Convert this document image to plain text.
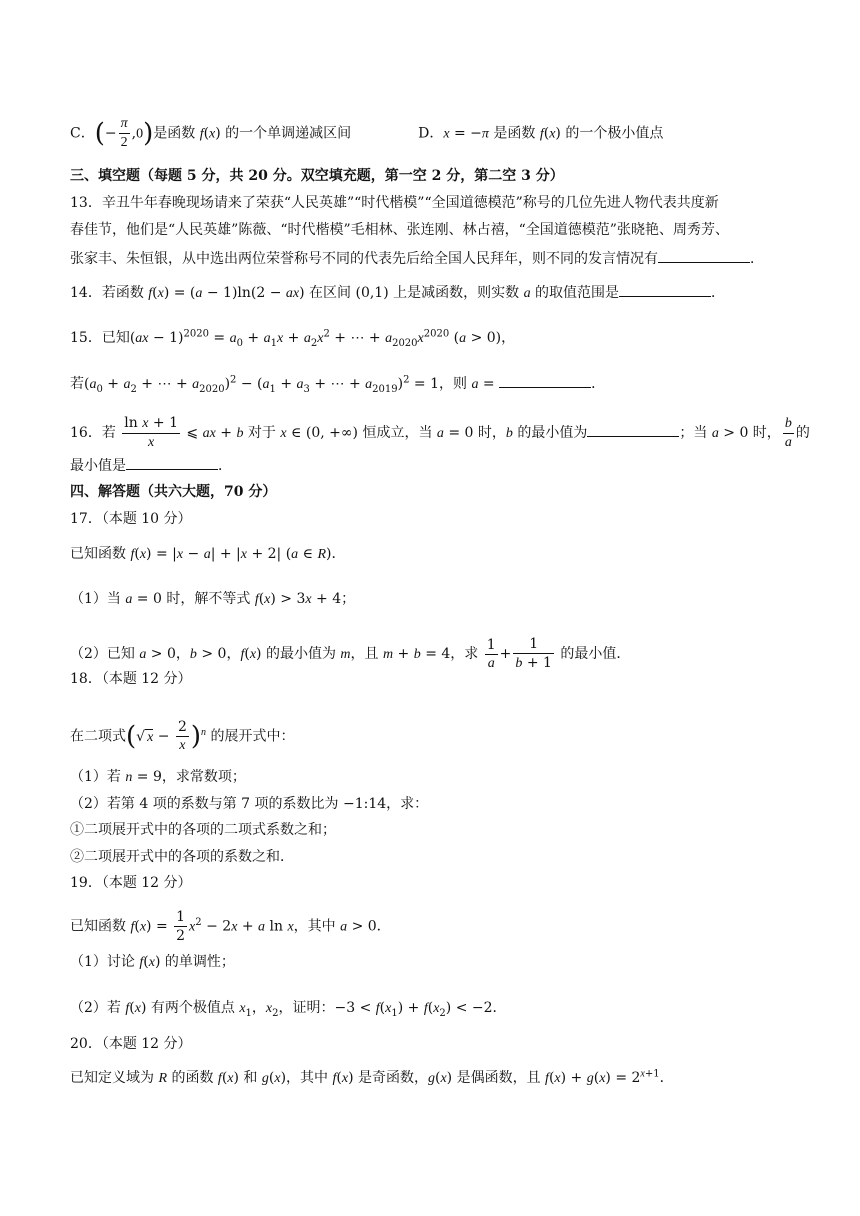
C．(− $\frac{\pi}{2} ,0$)是函数 f(x) 的一个单调递减区间	D．x = −π 是函数 f(x) 的一个极小值点
三、填空题（每题 5 分，共 20 分。双空填充题，第一空 2 分，第二空 3 分）
13．辛丑牛年春晚现场请来了荣获“人民英雄”“时代楷模”“全国道德模范”称号的几位先进人物代表共度新
春佳节，他们是“人民英雄”陈薇、“时代楷模”毛相林、张连刚、林占禧，“全国道德模范”张晓艳、周秀芳、
张家丰、朱恒银，从中选出两位荣誉称号不同的代表先后给全国人民拜年，则不同的发言情况有	．
14．若函数 f(x) = (a − 1)ln(2 − ax) 在区间 (0,1) 上是减函数，则实数 a 的取值范围是	．
15．已知$(ax - 1)^{2020} = a_0 + a_1x + a_2x^2$ + ⋯ + $a_{2020}x^{2020}$ (a > 0)，
若($a_0 + a_2$ + ⋯ + $a_{2020})^2 - (a_1 + a_3$ + ⋯ + $a_{2019})^2 = 1$，则 a =	．
16．若 $\frac{\text{ln x + 1}}{x}$ ⩽ ax + b 对于 x ∈ (0, +∞) 恒成立，当 a = 0 时，b 的最小值为	；当 a > 0 时， $\frac{b}{a}$ 的
最小值是	．
四、解答题（共六大题，70 分）
17．（本题 10 分）
已知函数 f(x) = |x − a| + |x + 2| (a ∈ R)．
（1）当 a = 0 时，解不等式 f(x) > 3x + 4；
（2）已知 a > 0，b > 0，f(x) 的最小值为 m，且 m + b = 4，求 $\frac{1}{a} + \frac{1}{b + 1}$ 的最小值．
18．（本题 12 分）
在二项式(√ $x - \frac{2}{x} )^n$ 的展开式中：
（1）若 n = 9，求常数项；
（2）若第 4 项的系数与第 7 项的系数比为 −1:14，求：
①二项展开式中的各项的二项式系数之和；
②二项展开式中的各项的系数之和．
19．（本题 12 分）
已知函数 $f(x) = \frac{1}{2} x^2 - 2x + a$ ln x，其中 a > 0．
（1）讨论 f(x) 的单调性；
（2）若 f(x) 有两个极值点 $x_1$，$x_2$，证明：$-3 < f(x_1) + f(x_2) < -2$．
20．（本题 12 分）
已知定义域为 R 的函数 f(x) 和 g(x)，其中 f(x) 是奇函数，g(x) 是偶函数，且 $f(x) + g(x) = 2^{x+1}$．
